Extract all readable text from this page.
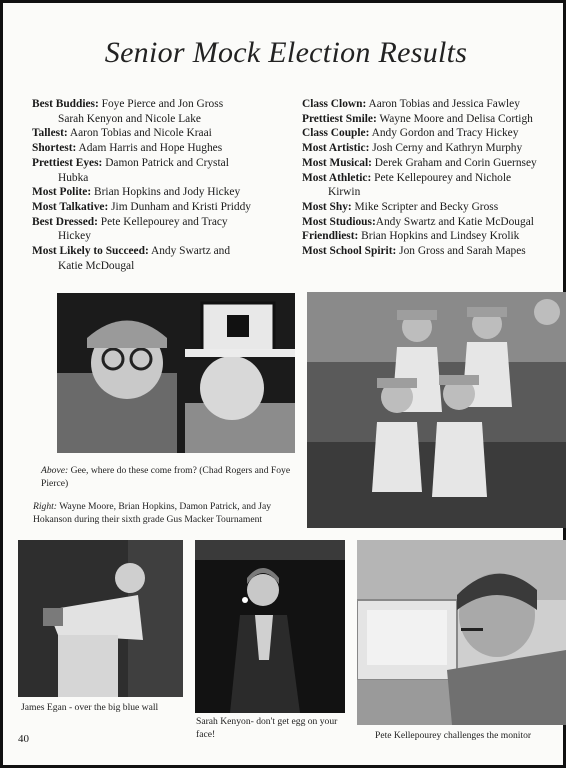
Senior Mock Election Results
Best Buddies: Foye Pierce and Jon Gross
Sarah Kenyon and Nicole Lake
Tallest: Aaron Tobias and Nicole Kraai
Shortest: Adam Harris and Hope Hughes
Prettiest Eyes: Damon Patrick and Crystal
Hubka
Most Polite: Brian Hopkins and Jody Hickey
Most Talkative: Jim Dunham and Kristi Priddy
Best Dressed: Pete Kellepourey and Tracy
Hickey
Most Likely to Succeed: Andy Swartz and
Katie McDougal
Class Clown: Aaron Tobias and Jessica Fawley
Prettiest Smile: Wayne Moore and Delisa Cortigh
Class Couple: Andy Gordon and Tracy Hickey
Most Artistic: Josh Cerny and Kathryn Murphy
Most Musical: Derek Graham and Corin Guernsey
Most Athletic: Pete Kellepourey and Nichole
Kirwin
Most Shy: Mike Scripter and Becky Gross
Most Studious:Andy Swartz and Katie McDougal
Friendliest: Brian Hopkins and Lindsey Krolik
Most School Spirit: Jon Gross and Sarah Mapes
Above: Gee, where do these come from? (Chad Rogers and Foye Pierce)
Right: Wayne Moore, Brian Hopkins, Damon Patrick, and Jay Hokanson during their sixth grade Gus Macker Tournament
James Egan - over the big blue wall
Sarah Kenyon- don't get egg on your face!	Pete Kellepourey challenges the monitor
40
